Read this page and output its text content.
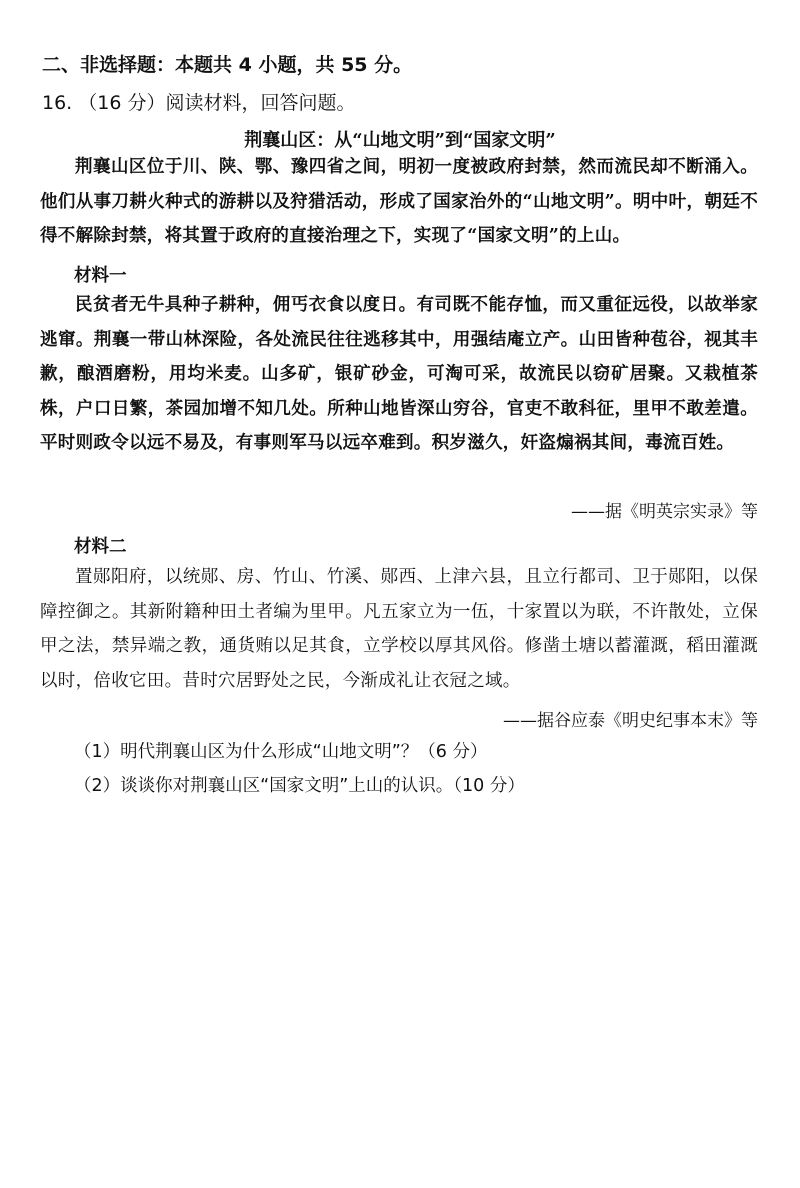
二、非选择题：本题共 4 小题，共 55 分。
16. （16 分）阅读材料，回答问题。
荆襄山区：从“山地文明”到“国家文明”
荆襄山区位于川、陕、鄂、豫四省之间，明初一度被政府封禁，然而流民却不断涌入。他们从事刀耕火种式的游耕以及狩猎活动，形成了国家治外的“山地文明”。明中叶，朝廷不得不解除封禁，将其置于政府的直接治理之下，实现了“国家文明”的上山。
材料一
民贫者无牛具种子耕种，佣丐衣食以度日。有司既不能存恤，而又重征远役，以故举家逃窜。荆襄一带山林深险，各处流民往往逃移其中，用强结庵立产。山田皆种苞谷，视其丰歉，酿酒磨粉，用均米麦。山多矿，银矿砂金，可淘可采，故流民以窃矿居聚。又栽植茶株，户口日繁，茶园加增不知几处。所种山地皆深山穷谷，官吏不敢科征，里甲不敢差遣。平时则政令以远不易及，有事则军马以远卒难到。积岁滋久，奸盗煽祸其间，毒流百姓。
——据《明英宗实录》等
材料二
置郧阳府，以统郧、房、竹山、竹溪、郧西、上津六县，且立行都司、卫于郧阳，以保障控御之。其新附籍种田土者编为里甲。凡五家立为一伍，十家置以为联，不许散处，立保甲之法，禁异端之教，通货贿以足其食，立学校以厚其风俗。修凿土塘以蓄灌溉，稻田灌溉以时，倍收它田。昔时穴居野处之民，今渐成礼让衣冠之域。
——据谷应泰《明史纪事本末》等
（1）明代荆襄山区为什么形成“山地文明”？（6 分）
（2）谈谈你对荆襄山区“国家文明”上山的认识。（10 分）
